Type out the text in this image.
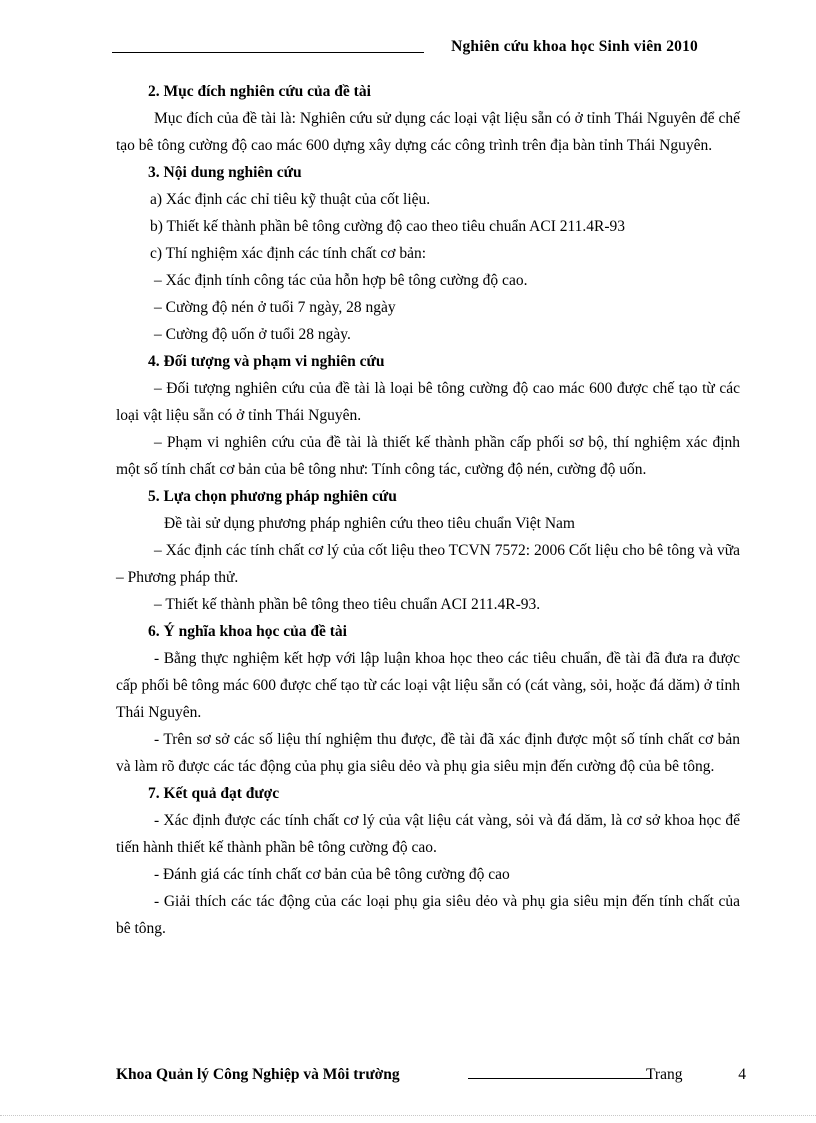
Nghiên cứu khoa học Sinh viên 2010

2. Mục đích nghiên cứu của đề tài

Mục đích của đề tài là: Nghiên cứu sử dụng các loại vật liệu sẵn có ở tỉnh Thái Nguyên để chế tạo bê tông cường độ cao mác 600 dựng xây dựng các công trình trên địa bàn tỉnh Thái Nguyên.

3. Nội dung nghiên cứu

a) Xác định các chỉ tiêu kỹ thuật của cốt liệu.

b) Thiết kế thành phần bê tông cường độ cao theo tiêu chuẩn ACI 211.4R-93

c) Thí nghiệm xác định các tính chất cơ bản:

– Xác định tính công tác của hỗn hợp bê tông cường độ cao.

– Cường độ nén ở tuổi 7 ngày, 28 ngày

– Cường độ uốn ở tuổi 28 ngày.

4. Đối tượng và phạm vi nghiên cứu

– Đối tượng nghiên cứu của đề tài là loại bê tông cường độ cao mác 600 được chế tạo từ các loại vật liệu sẵn có ở tỉnh Thái Nguyên.

– Phạm vi nghiên cứu của đề tài là thiết kế thành phần cấp phối sơ bộ, thí nghiệm xác định một số tính chất cơ bản của bê tông như: Tính công tác, cường độ nén, cường độ uốn.

5. Lựa chọn phương pháp nghiên cứu

Đề tài sử dụng phương pháp nghiên cứu theo tiêu chuẩn Việt Nam

– Xác định các tính chất cơ lý của cốt liệu theo TCVN 7572: 2006 Cốt liệu cho bê tông và vữa – Phương pháp thử.

– Thiết kế thành phần bê tông theo tiêu chuẩn ACI 211.4R-93.

6. Ý nghĩa khoa học của đề tài

- Bằng thực nghiệm kết hợp với lập luận khoa học theo các tiêu chuẩn, đề tài đã đưa ra được cấp phối bê tông mác 600 được chế tạo từ các loại vật liệu sẵn có (cát vàng, sỏi, hoặc đá dăm) ở tỉnh Thái Nguyên.

- Trên sơ sở các số liệu thí nghiệm thu được, đề tài đã xác định được một số tính chất cơ bản và làm rõ được các tác động của phụ gia siêu dẻo và phụ gia siêu mịn đến cường độ của bê tông.

7. Kết quả đạt được

- Xác định được các tính chất cơ lý của vật liệu cát vàng, sỏi và đá dăm, là cơ sở khoa học để tiến hành thiết kế thành phần bê tông cường độ cao.

- Đánh giá các tính chất cơ bản của bê tông cường độ cao

- Giải thích các tác động của các loại phụ gia siêu dẻo và phụ gia siêu mịn đến tính chất của bê tông.

Khoa Quản lý Công Nghiệp và Môi trường	Trang	4
